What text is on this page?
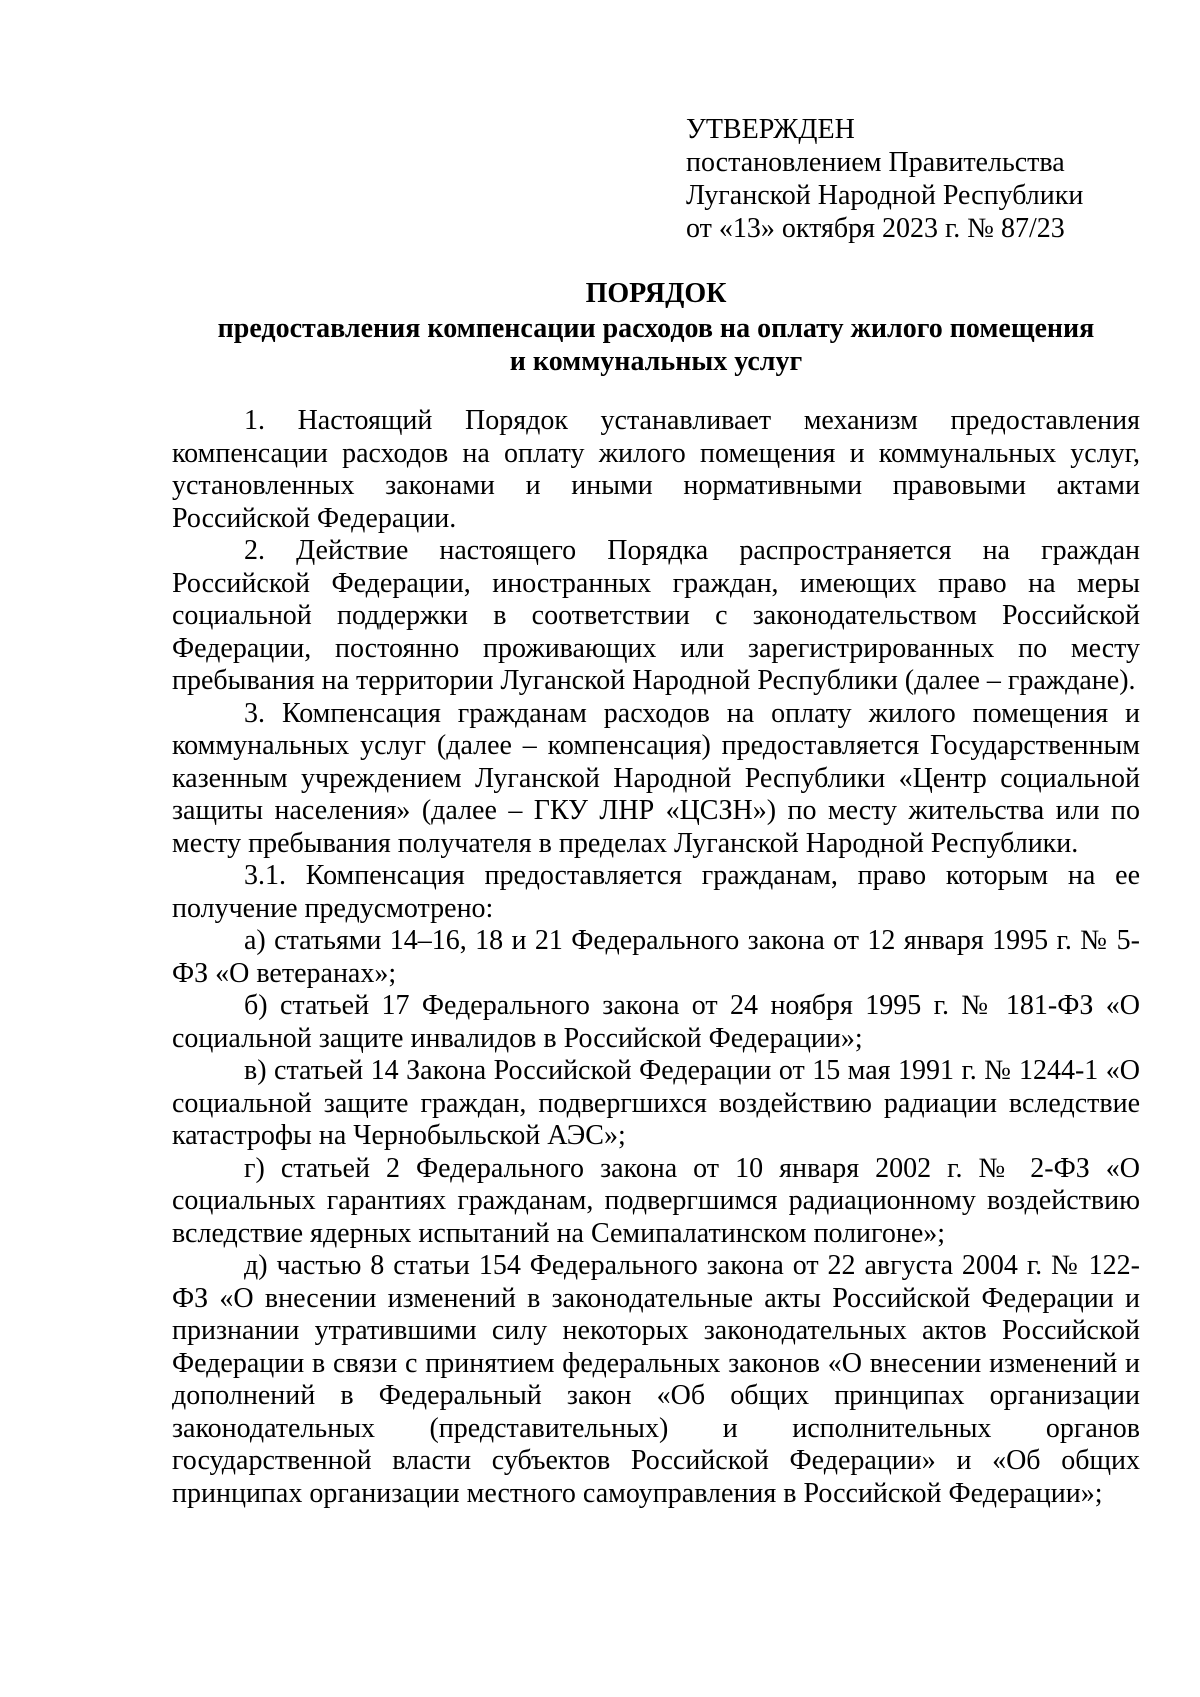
УТВЕРЖДЕН
постановлением Правительства
Луганской Народной Республики
от «13» октября 2023 г. № 87/23
ПОРЯДОК
предоставления компенсации расходов на оплату жилого помещения
и коммунальных услуг

1. Настоящий Порядок устанавливает механизм предоставления компенсации расходов на оплату жилого помещения и коммунальных услуг, установленных законами и иными нормативными правовыми актами Российской Федерации.

2. Действие настоящего Порядка распространяется на граждан Российской Федерации, иностранных граждан, имеющих право на меры социальной поддержки в соответствии с законодательством Российской Федерации, постоянно проживающих или зарегистрированных по месту пребывания на территории Луганской Народной Республики (далее – граждане).

3. Компенсация гражданам расходов на оплату жилого помещения и коммунальных услуг (далее – компенсация) предоставляется Государственным казенным учреждением Луганской Народной Республики «Центр социальной защиты населения» (далее – ГКУ ЛНР «ЦСЗН») по месту жительства или по месту пребывания получателя в пределах Луганской Народной Республики.

3.1. Компенсация предоставляется гражданам, право которым на ее получение предусмотрено:

а) статьями 14–16, 18 и 21 Федерального закона от 12 января 1995 г. № 5-ФЗ «О ветеранах»;

б) статьей 17 Федерального закона от 24 ноября 1995 г. № 181-ФЗ «О социальной защите инвалидов в Российской Федерации»;

в) статьей 14 Закона Российской Федерации от 15 мая 1991 г. № 1244-1 «О социальной защите граждан, подвергшихся воздействию радиации вследствие катастрофы на Чернобыльской АЭС»;

г) статьей 2 Федерального закона от 10 января 2002 г. № 2-ФЗ «О социальных гарантиях гражданам, подвергшимся радиационному воздействию вследствие ядерных испытаний на Семипалатинском полигоне»;

д) частью 8 статьи 154 Федерального закона от 22 августа 2004 г. № 122-ФЗ «О внесении изменений в законодательные акты Российской Федерации и признании утратившими силу некоторых законодательных актов Российской Федерации в связи с принятием федеральных законов «О внесении изменений и дополнений в Федеральный закон «Об общих принципах организации законодательных (представительных) и исполнительных органов государственной власти субъектов Российской Федерации» и «Об общих принципах организации местного самоуправления в Российской Федерации»;
